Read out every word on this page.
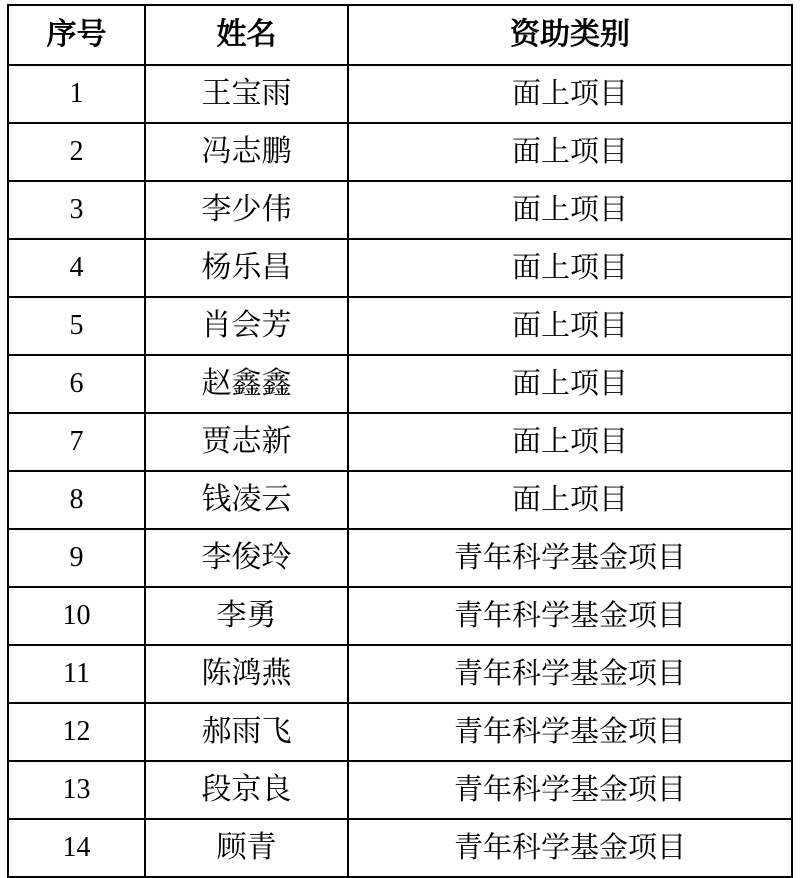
序号	姓名	资助类别
1	王宝雨	面上项目
2	冯志鹏	面上项目
3	李少伟	面上项目
4	杨乐昌	面上项目
5	肖会芳	面上项目
6	赵鑫鑫	面上项目
7	贾志新	面上项目
8	钱凌云	面上项目
9	李俊玲	青年科学基金项目
10	李勇	青年科学基金项目
11	陈鸿燕	青年科学基金项目
12	郝雨飞	青年科学基金项目
13	段京良	青年科学基金项目
14	顾青	青年科学基金项目
